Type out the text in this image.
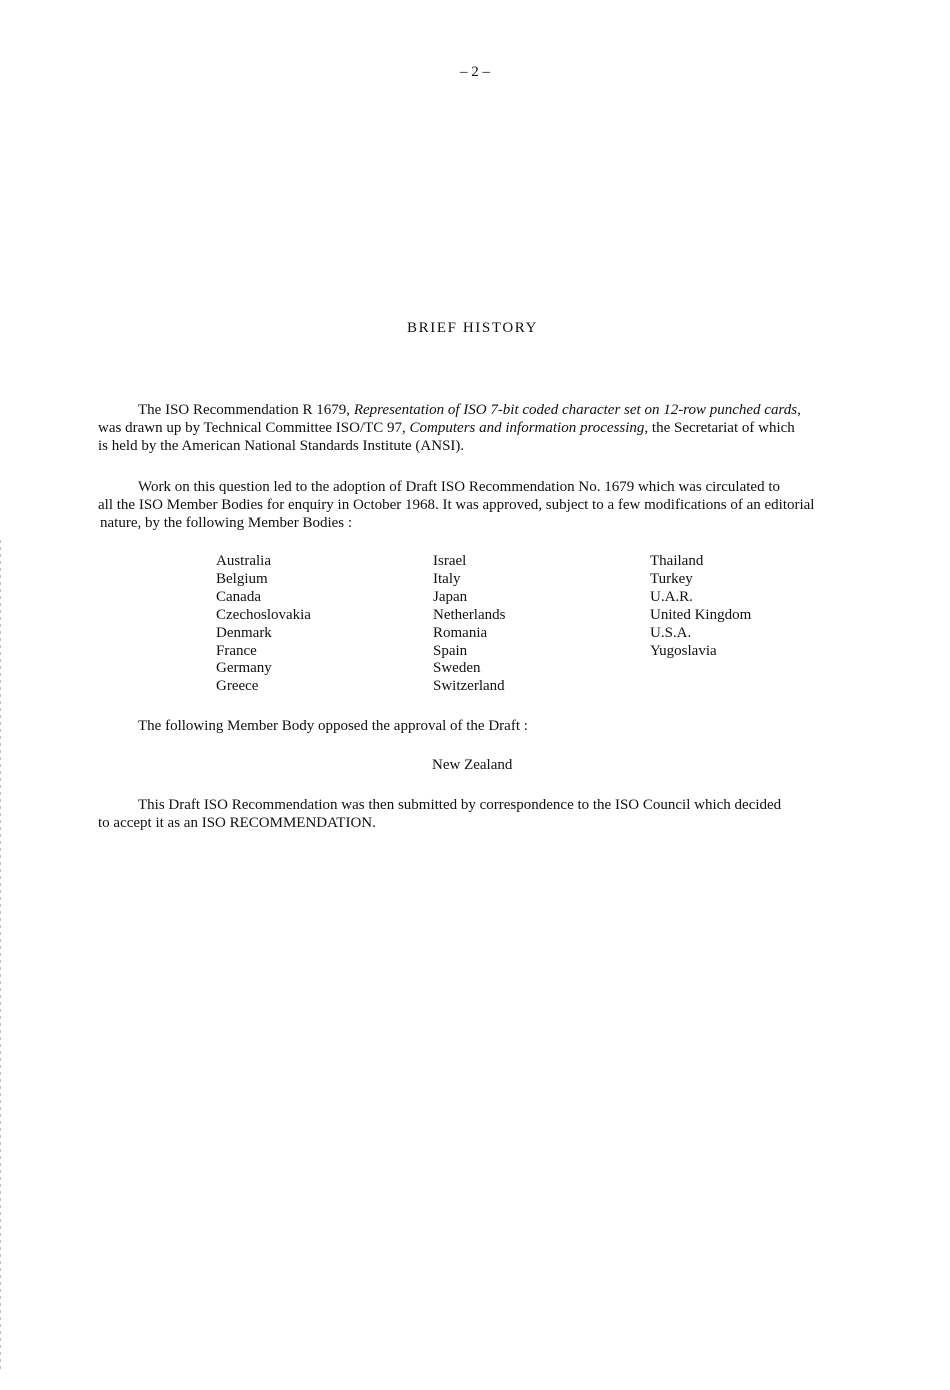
– 2 –
BRIEF HISTORY
The ISO Recommendation R 1679, Representation of ISO 7-bit coded character set on 12-row punched cards,
was drawn up by Technical Committee ISO/TC 97, Computers and information processing, the Secretariat of which
is held by the American National Standards Institute (ANSI).
Work on this question led to the adoption of Draft ISO Recommendation No. 1679 which was circulated to
all the ISO Member Bodies for enquiry in October 1968. It was approved, subject to a few modifications of an editorial
nature, by the following Member Bodies :
Australia
Belgium
Canada
Czechoslovakia
Denmark
France
Germany
Greece
Israel
Italy
Japan
Netherlands
Romania
Spain
Sweden
Switzerland
Thailand
Turkey
U.A.R.
United Kingdom
U.S.A.
Yugoslavia
The following Member Body opposed the approval of the Draft :
New Zealand
This Draft ISO Recommendation was then submitted by correspondence to the ISO Council which decided
to accept it as an ISO RECOMMENDATION.
